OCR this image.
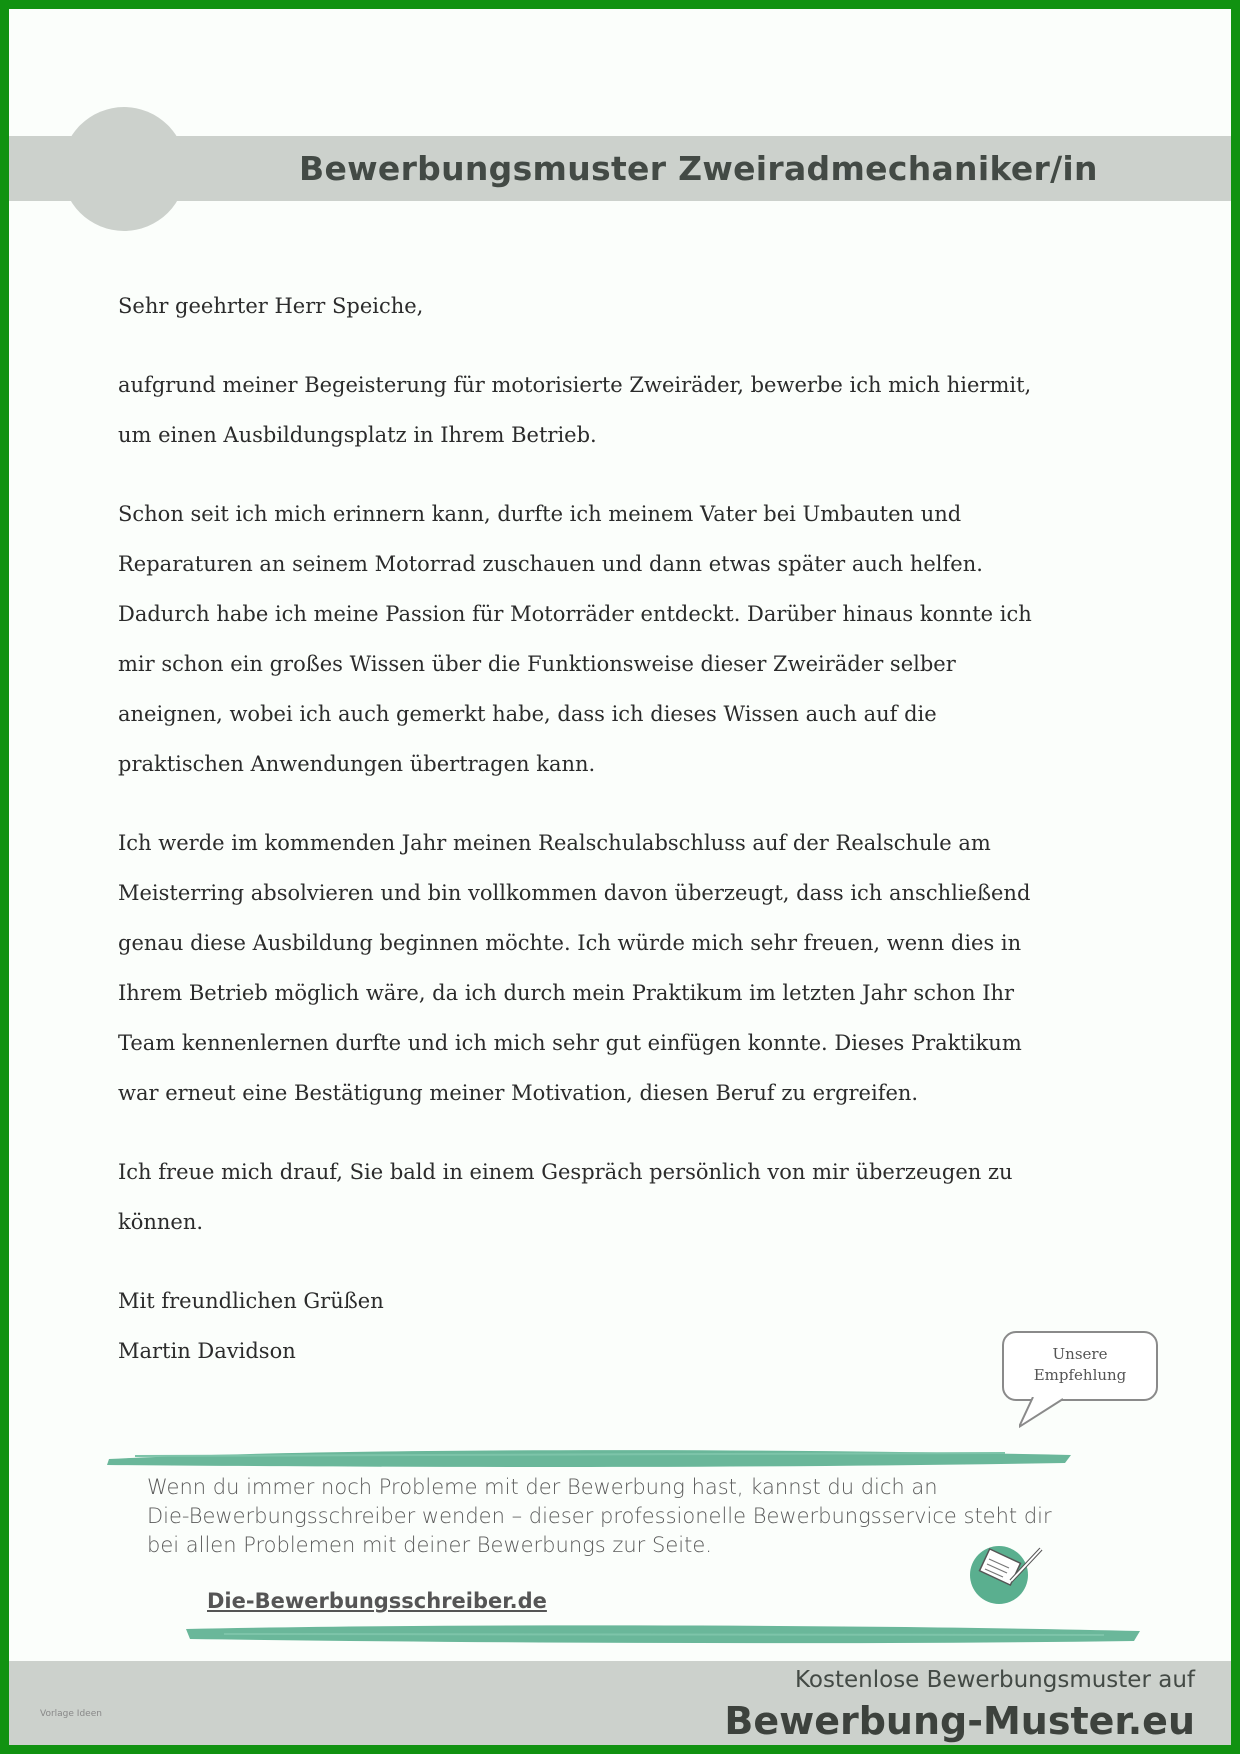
Bewerbungsmuster Zweiradmechaniker/in

Sehr geehrter Herr Speiche,

aufgrund meiner Begeisterung für motorisierte Zweiräder, bewerbe ich mich hiermit,

um einen Ausbildungsplatz in Ihrem Betrieb.

Schon seit ich mich erinnern kann, durfte ich meinem Vater bei Umbauten und

Reparaturen an seinem Motorrad zuschauen und dann etwas später auch helfen.

Dadurch habe ich meine Passion für Motorräder entdeckt. Darüber hinaus konnte ich

mir schon ein großes Wissen über die Funktionsweise dieser Zweiräder selber

aneignen, wobei ich auch gemerkt habe, dass ich dieses Wissen auch auf die

praktischen Anwendungen übertragen kann.

Ich werde im kommenden Jahr meinen Realschulabschluss auf der Realschule am

Meisterring absolvieren und bin vollkommen davon überzeugt, dass ich anschließend

genau diese Ausbildung beginnen möchte. Ich würde mich sehr freuen, wenn dies in

Ihrem Betrieb möglich wäre, da ich durch mein Praktikum im letzten Jahr schon Ihr

Team kennenlernen durfte und ich mich sehr gut einfügen konnte. Dieses Praktikum

war erneut eine Bestätigung meiner Motivation, diesen Beruf zu ergreifen.

Ich freue mich drauf, Sie bald in einem Gespräch persönlich von mir überzeugen zu

können.

Mit freundlichen Grüßen

Martin Davidson	Unsere
Empfehlung
Wenn du immer noch Probleme mit der Bewerbung hast, kannst du dich an
Die-Bewerbungsschreiber wenden – dieser professionelle Bewerbungsservice steht dir
bei allen Problemen mit deiner Bewerbungs zur Seite.
Die-Bewerbungsschreiber.de
Vorlage Ideen
Kostenlose Bewerbungsmuster auf
Bewerbung-Muster.eu
